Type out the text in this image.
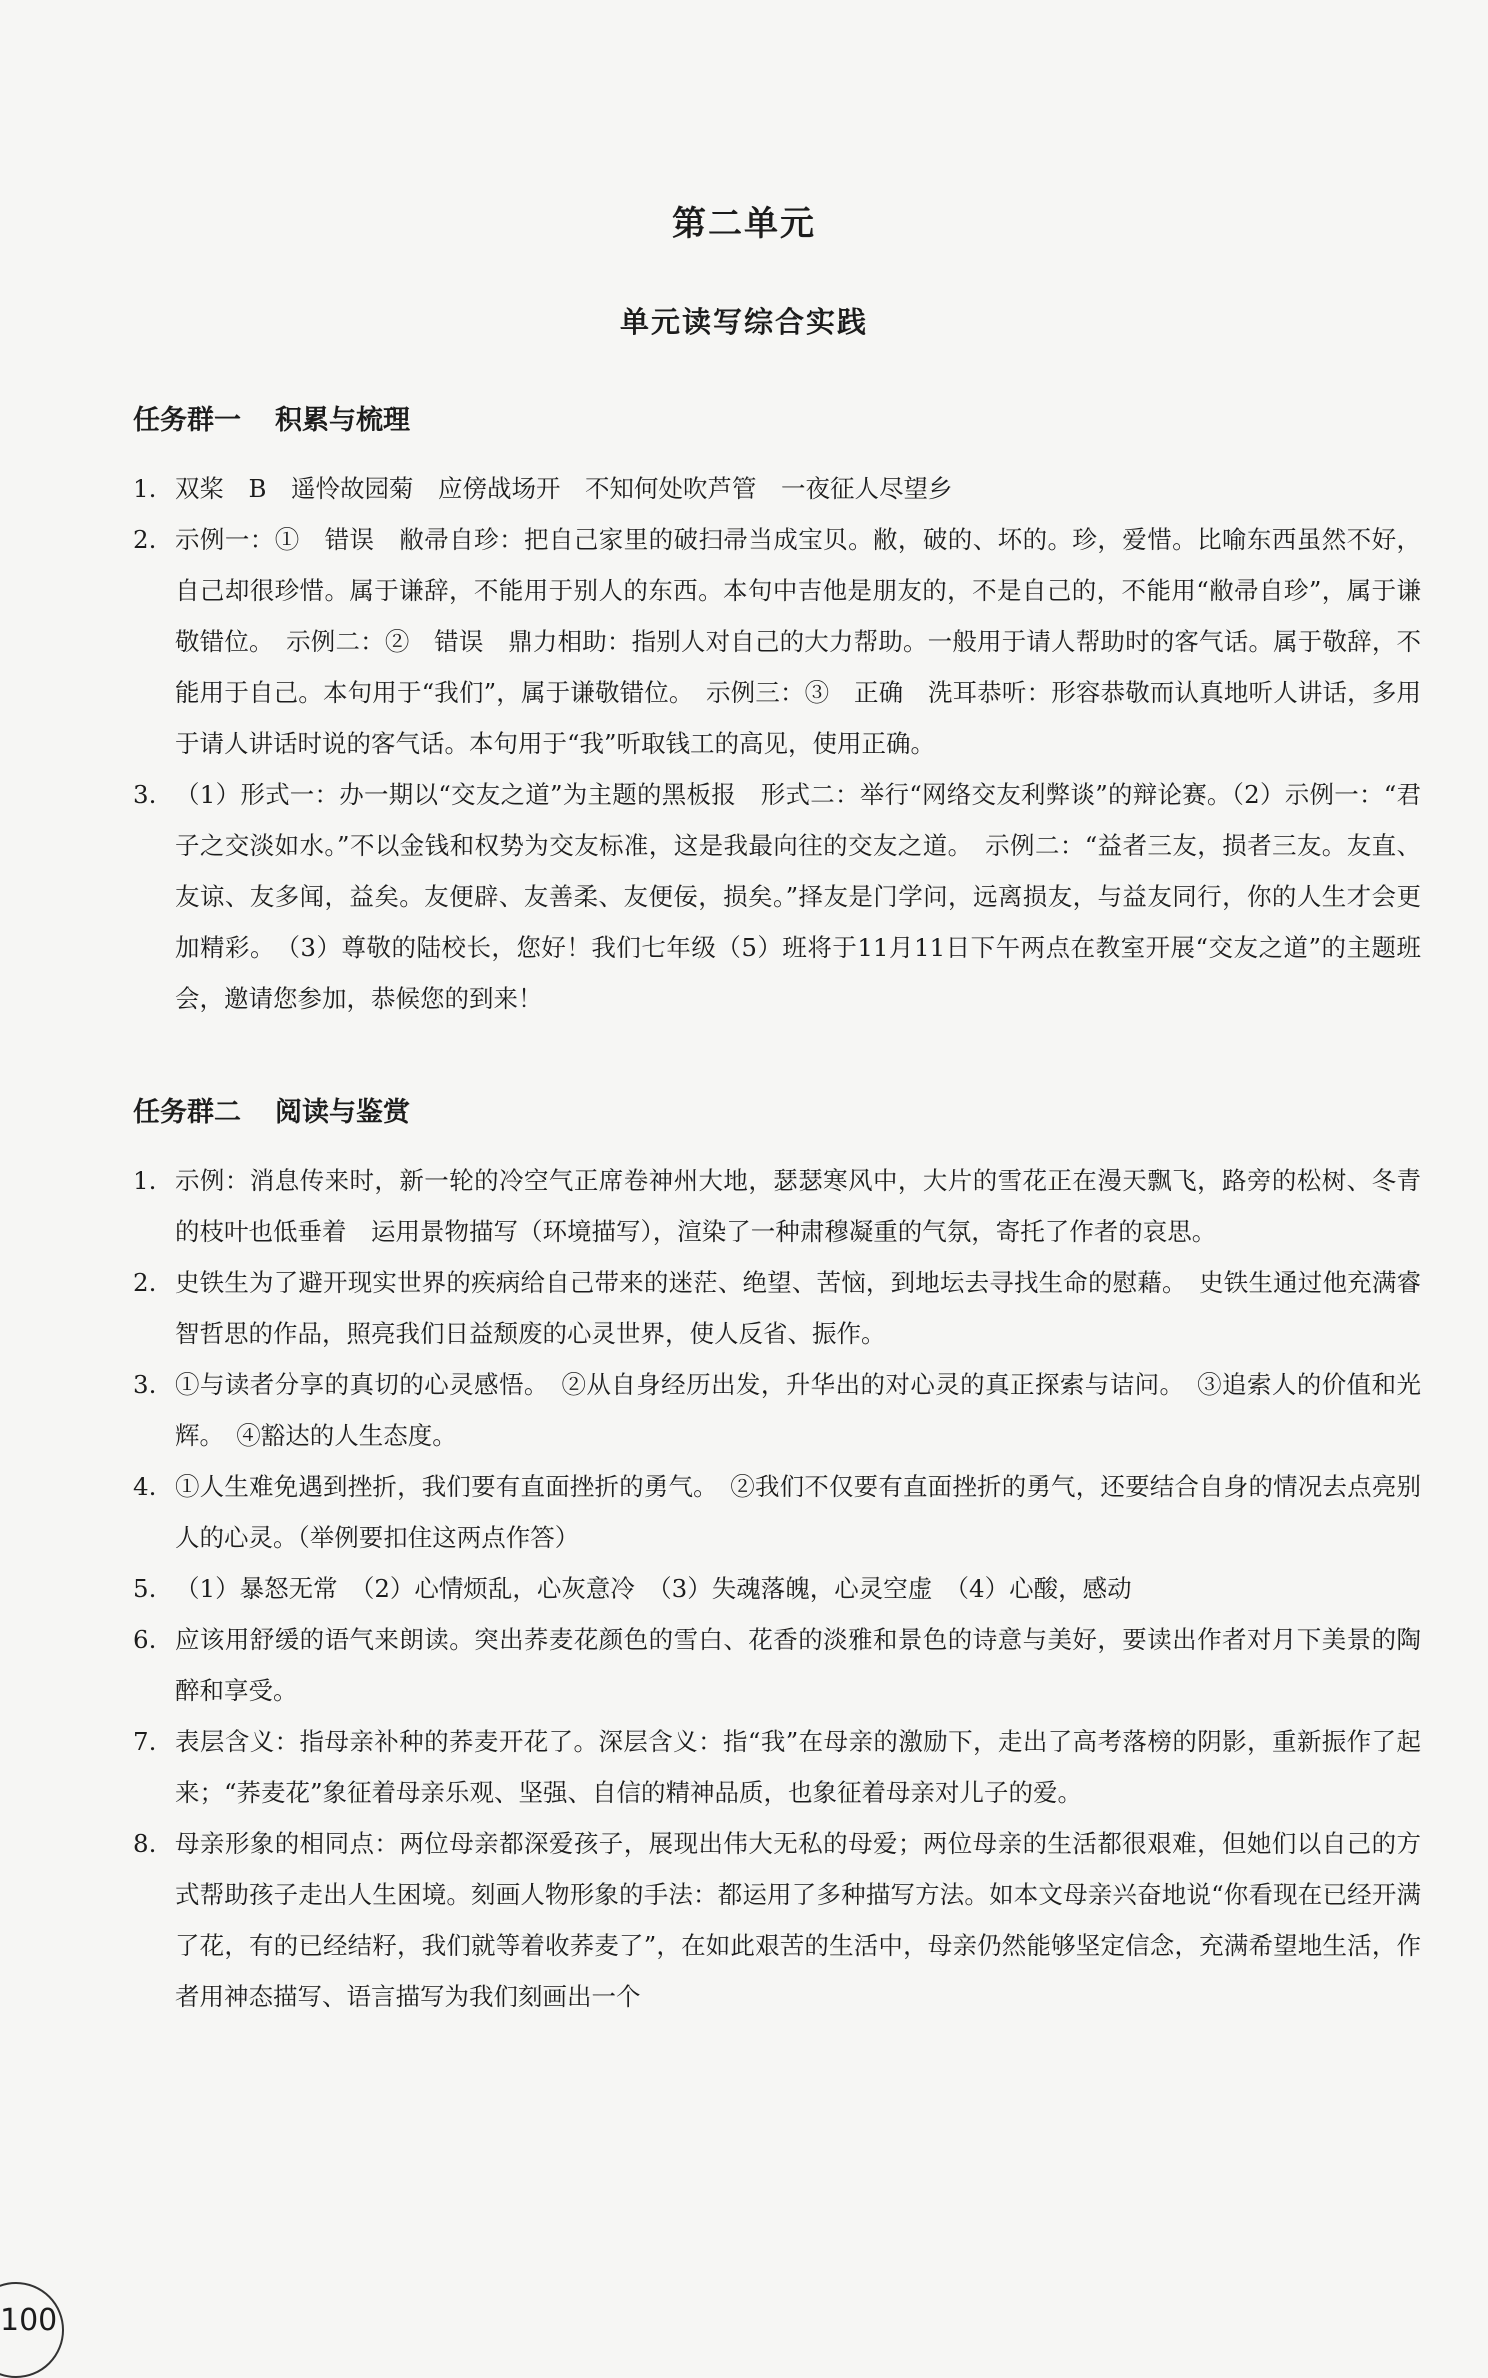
第二单元
单元读写综合实践
任务群一 积累与梳理
1. 双桨　B　遥怜故园菊　应傍战场开　不知何处吹芦管　一夜征人尽望乡
2. 示例一：①　错误　敝帚自珍：把自己家里的破扫帚当成宝贝。敝，破的、坏的。珍，爱惜。比喻东西虽然不好，自己却很珍惜。属于谦辞，不能用于别人的东西。本句中吉他是朋友的，不是自己的，不能用“敝帚自珍”，属于谦敬错位。　示例二：②　错误　鼎力相助：指别人对自己的大力帮助。一般用于请人帮助时的客气话。属于敬辞，不能用于自己。本句用于“我们”，属于谦敬错位。　示例三：③　正确　洗耳恭听：形容恭敬而认真地听人讲话，多用于请人讲话时说的客气话。本句用于“我”听取钱工的高见，使用正确。
3. （1）形式一：办一期以“交友之道”为主题的黑板报　形式二：举行“网络交友利弊谈”的辩论赛。（2）示例一：“君子之交淡如水。”不以金钱和权势为交友标准，这是我最向往的交友之道。　示例二：“益者三友，损者三友。友直、友谅、友多闻，益矣。友便辟、友善柔、友便佞，损矣。”择友是门学问，远离损友，与益友同行，你的人生才会更加精彩。　（3）尊敬的陆校长，您好！我们七年级（5）班将于11月11日下午两点在教室开展“交友之道”的主题班会，邀请您参加，恭候您的到来！
任务群二 阅读与鉴赏
1. 示例：消息传来时，新一轮的冷空气正席卷神州大地，瑟瑟寒风中，大片的雪花正在漫天飘飞，路旁的松树、冬青的枝叶也低垂着　运用景物描写（环境描写），渲染了一种肃穆凝重的气氛，寄托了作者的哀思。
2. 史铁生为了避开现实世界的疾病给自己带来的迷茫、绝望、苦恼，到地坛去寻找生命的慰藉。　史铁生通过他充满睿智哲思的作品，照亮我们日益颓废的心灵世界，使人反省、振作。
3. ①与读者分享的真切的心灵感悟。　②从自身经历出发，升华出的对心灵的真正探索与诘问。　③追索人的价值和光辉。　④豁达的人生态度。
4. ①人生难免遇到挫折，我们要有直面挫折的勇气。　②我们不仅要有直面挫折的勇气，还要结合自身的情况去点亮别人的心灵。（举例要扣住这两点作答）
5. （1）暴怒无常　（2）心情烦乱，心灰意冷　（3）失魂落魄，心灵空虚　（4）心酸，感动
6. 应该用舒缓的语气来朗读。突出荞麦花颜色的雪白、花香的淡雅和景色的诗意与美好，要读出作者对月下美景的陶醉和享受。
7. 表层含义：指母亲补种的荞麦开花了。深层含义：指“我”在母亲的激励下，走出了高考落榜的阴影，重新振作了起来；“荞麦花”象征着母亲乐观、坚强、自信的精神品质，也象征着母亲对儿子的爱。
8. 母亲形象的相同点：两位母亲都深爱孩子，展现出伟大无私的母爱；两位母亲的生活都很艰难，但她们以自己的方式帮助孩子走出人生困境。刻画人物形象的手法：都运用了多种描写方法。如本文母亲兴奋地说“你看现在已经开满了花，有的已经结籽，我们就等着收荞麦了”，在如此艰苦的生活中，母亲仍然能够坚定信念，充满希望地生活，作者用神态描写、语言描写为我们刻画出一个
100
